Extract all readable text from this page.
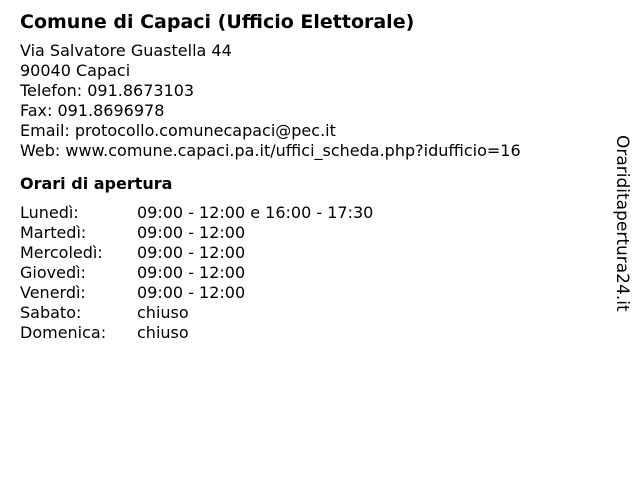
Comune di Capaci (Ufficio Elettorale)
Via Salvatore Guastella 44
90040 Capaci
Telefon: 091.8673103
Fax: 091.8696978
Email: protocollo.comunecapaci@pec.it
Web: www.comune.capaci.pa.it/uffici_scheda.php?idufficio=16
Orari di apertura
Lunedì:	09:00 - 12:00 e 16:00 - 17:30
Martedì:	09:00 - 12:00
Mercoledì:	09:00 - 12:00
Giovedì:	09:00 - 12:00
Venerdì:	09:00 - 12:00
Sabato:	chiuso
Domenica:	chiuso
Orariditapertura24.it
